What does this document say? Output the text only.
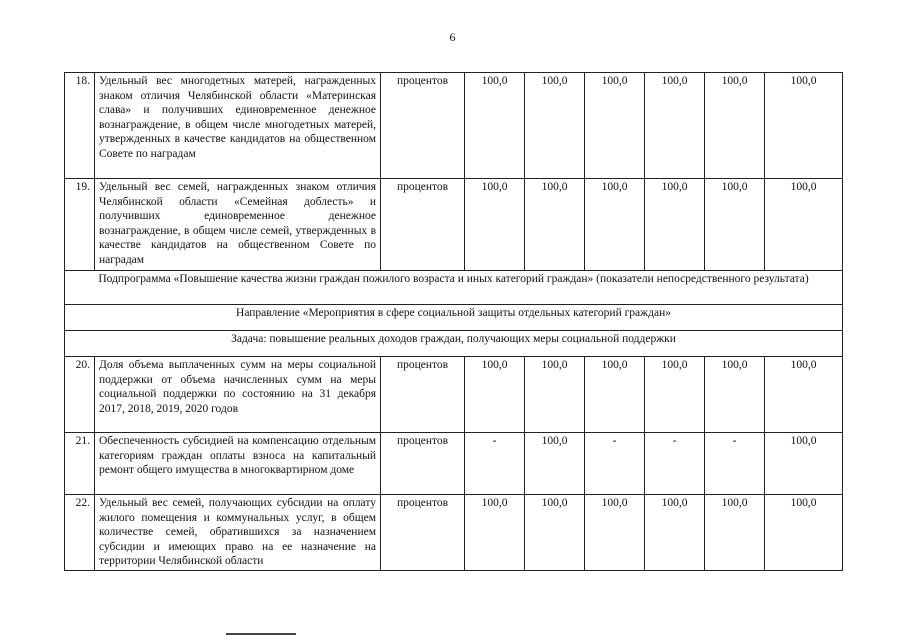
6
18.	Удельный вес многодетных матерей, награжденных знаком отличия Челябинской области «Материнская слава» и получивших единовременное денежное вознаграждение, в общем числе многодетных матерей, утвержденных в качестве кандидатов на общественном Совете по наградам	процентов	100,0	100,0	100,0	100,0	100,0	100,0
19.	Удельный вес семей, награжденных знаком отличия Челябинской области «Семейная доблесть» и получивших единовременное денежное вознаграждение, в общем числе семей, утвержденных в качестве кандидатов на общественном Совете по наградам	процентов	100,0	100,0	100,0	100,0	100,0	100,0
Подпрограмма «Повышение качества жизни граждан пожилого возраста и иных категорий граждан» (показатели непосредственного результата)								
Направление «Мероприятия в сфере социальной защиты отдельных категорий граждан»								
Задача: повышение реальных доходов граждан, получающих меры социальной поддержки								
20.	Доля объема выплаченных сумм на меры социальной поддержки от объема начисленных сумм на меры социальной поддержки по состоянию на 31 декабря 2017, 2018, 2019, 2020 годов	процентов	100,0	100,0	100,0	100,0	100,0	100,0
21.	Обеспеченность субсидией на компенсацию отдельным категориям граждан оплаты взноса на капитальный ремонт общего имущества в многоквартирном доме	процентов	-	100,0	-	-	-	100,0
22.	Удельный вес семей, получающих субсидии на оплату жилого помещения и коммунальных услуг, в общем количестве семей, обратившихся за назначением субсидии и имеющих право на ее назначение на территории Челябинской области	процентов	100,0	100,0	100,0	100,0	100,0	100,0
